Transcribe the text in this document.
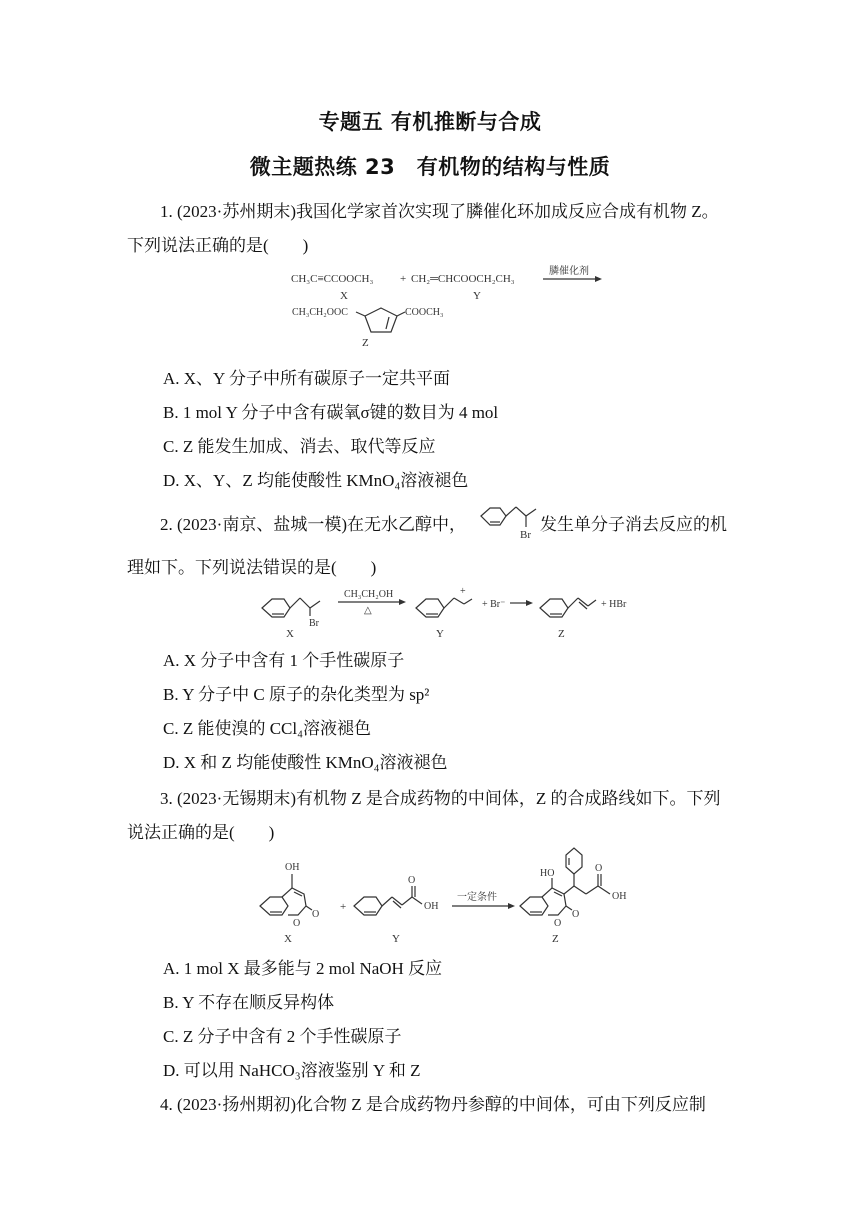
专题五 有机推断与合成
微主题热练 23　有机物的结构与性质
1. (2023·苏州期末)我国化学家首次实现了膦催化环加成反应合成有机物 Z。
下列说法正确的是(　　)
CH₃C≡CCOOCH₃ + CH₂═CHCOOCH₂CH₃
膦催化剂
X	Y
CH₃CH₂OOC	COOCH₃
Z
A. X、Y 分子中所有碳原子一定共平面
B. 1 mol Y 分子中含有碳氧σ键的数目为 4 mol
C. Z 能发生加成、消去、取代等反应
D. X、Y、Z 均能使酸性 KMnO₄溶液褪色
2. (2023·南京、盐城一模)在无水乙醇中，
Br
发生单分子消去反应的机
理如下。下列说法错误的是(　　)
Br
X
CH₃CH₂OH
△
+
Y
+ Br⁻
Z
+ HBr
A. X 分子中含有 1 个手性碳原子
B. Y 分子中 C 原子的杂化类型为 sp²
C. Z 能使溴的 CCl₄溶液褪色
D. X 和 Z 均能使酸性 KMnO₄溶液褪色
3. (2023·无锡期末)有机物 Z 是合成药物的中间体，Z 的合成路线如下。下列
说法正确的是(　　)
OH
O
O
X
+
O
OH
Y
一定条件
HO
O
O
O
OH
Z
A. 1 mol X 最多能与 2 mol NaOH 反应
B. Y 不存在顺反异构体
C. Z 分子中含有 2 个手性碳原子
D. 可以用 NaHCO₃溶液鉴别 Y 和 Z
4. (2023·扬州期初)化合物 Z 是合成药物丹参醇的中间体，可由下列反应制
